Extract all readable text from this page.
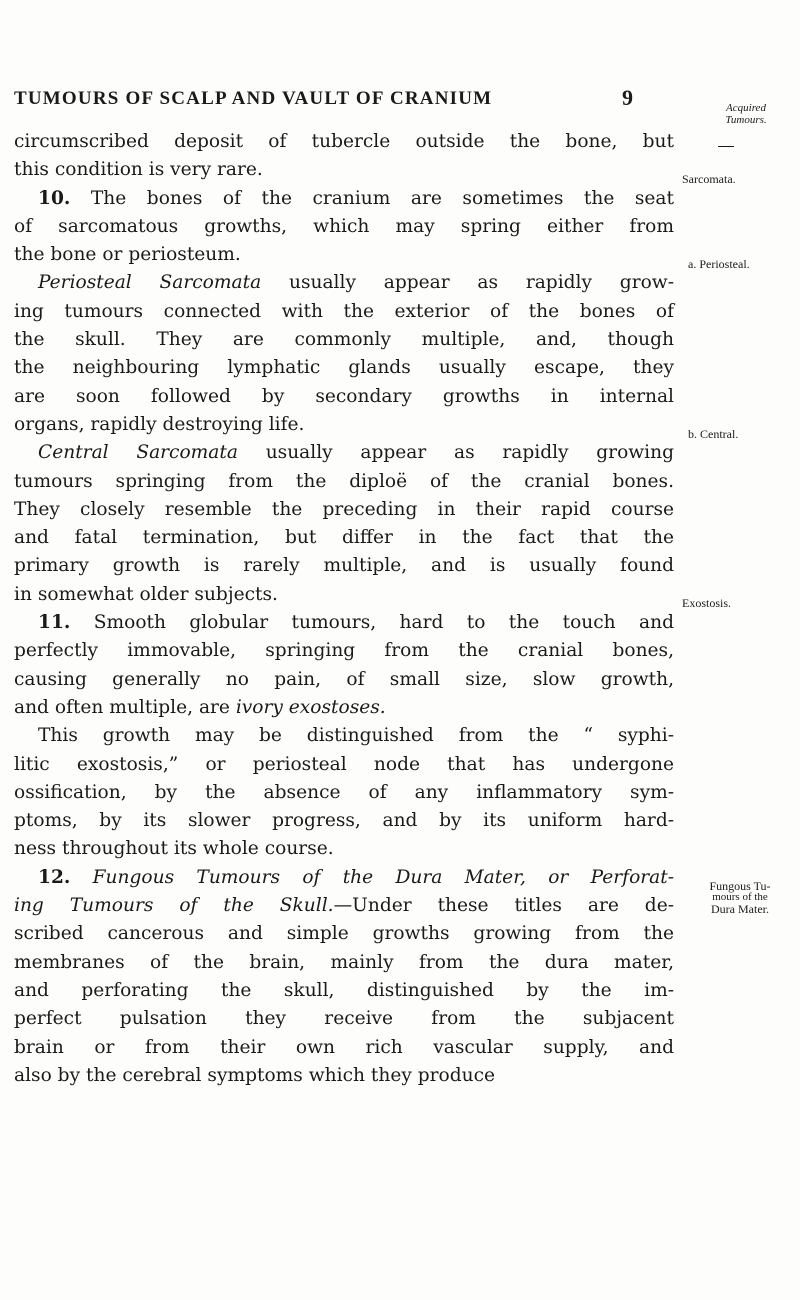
TUMOURS OF SCALP AND VAULT OF CRANIUM	9	Acquired
Tumours.
circumscribed deposit of tubercle outside the bone, but
this condition is very rare.
10. The bones of the cranium are sometimes the seat
of sarcomatous growths, which may spring either from
the bone or periosteum.
Periosteal Sarcomata usually appear as rapidly grow-
ing tumours connected with the exterior of the bones of
the skull. They are commonly multiple, and, though
the neighbouring lymphatic glands usually escape, they
are soon followed by secondary growths in internal
organs, rapidly destroying life.
Central Sarcomata usually appear as rapidly growing
tumours springing from the diploë of the cranial bones.
They closely resemble the preceding in their rapid course
and fatal termination, but differ in the fact that the
primary growth is rarely multiple, and is usually found
in somewhat older subjects.
11. Smooth globular tumours, hard to the touch and
perfectly immovable, springing from the cranial bones,
causing generally no pain, of small size, slow growth,
and often multiple, are ivory exostoses.
This growth may be distinguished from the “ syphi-
litic exostosis,” or periosteal node that has undergone
ossification, by the absence of any inflammatory sym-
ptoms, by its slower progress, and by its uniform hard-
ness throughout its whole course.
12. Fungous Tumours of the Dura Mater, or Perforat-
ing Tumours of the Skull.—Under these titles are de-
scribed cancerous and simple growths growing from the
membranes of the brain, mainly from the dura mater,
and perforating the skull, distinguished by the im-
perfect pulsation they receive from the subjacent
brain or from their own rich vascular supply, and
also by the cerebral symptoms which they produce
Sarcomata.
a. Periosteal.
b. Central.
Exostosis.
Fungous Tu-
mours of the
Dura Mater.
